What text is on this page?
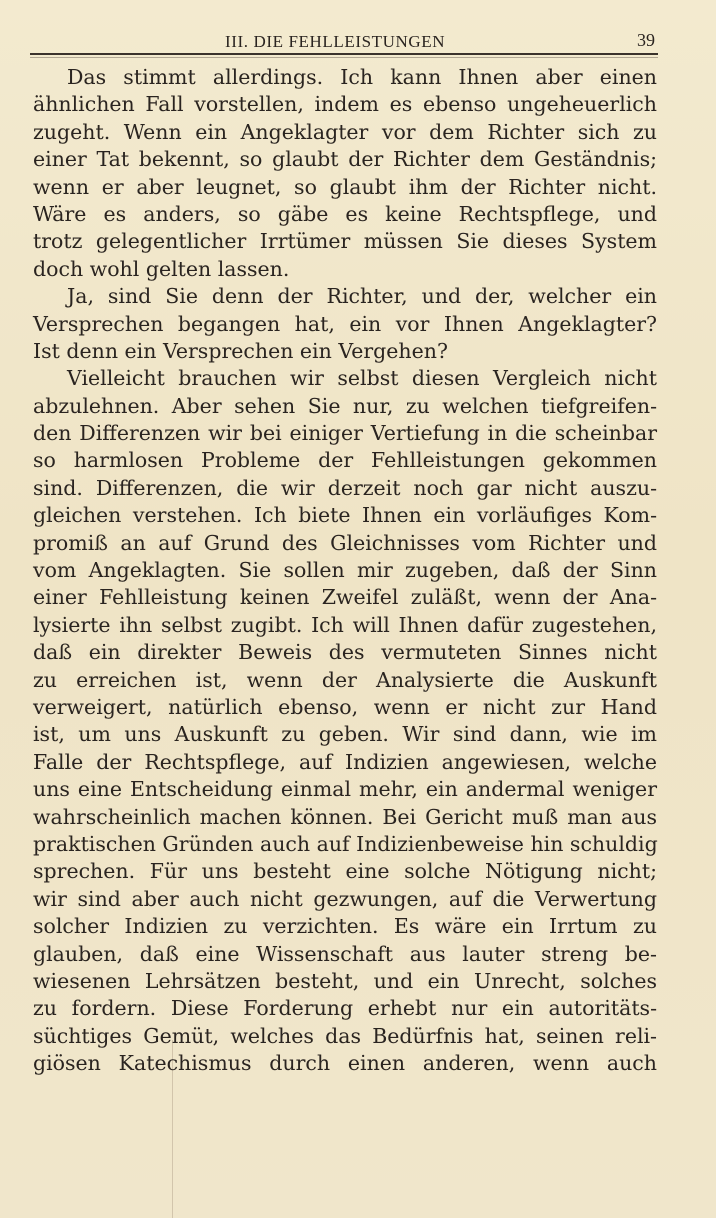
III. DIE FEHLLEISTUNGEN	39
Das stimmt allerdings. Ich kann Ihnen aber einen
ähnlichen Fall vorstellen, indem es ebenso ungeheuerlich
zugeht. Wenn ein Angeklagter vor dem Richter sich zu
einer Tat bekennt, so glaubt der Richter dem Geständnis;
wenn er aber leugnet, so glaubt ihm der Richter nicht.
Wäre es anders, so gäbe es keine Rechtspflege, und
trotz gelegentlicher Irrtümer müssen Sie dieses System
doch wohl gelten lassen.
Ja, sind Sie denn der Richter, und der, welcher ein
Versprechen begangen hat, ein vor Ihnen Angeklagter?
Ist denn ein Versprechen ein Vergehen?
Vielleicht brauchen wir selbst diesen Vergleich nicht
abzulehnen. Aber sehen Sie nur, zu welchen tiefgreifen-
den Differenzen wir bei einiger Vertiefung in die scheinbar
so harmlosen Probleme der Fehlleistungen gekommen
sind. Differenzen, die wir derzeit noch gar nicht auszu-
gleichen verstehen. Ich biete Ihnen ein vorläufiges Kom-
promiß an auf Grund des Gleichnisses vom Richter und
vom Angeklagten. Sie sollen mir zugeben, daß der Sinn
einer Fehlleistung keinen Zweifel zuläßt, wenn der Ana-
lysierte ihn selbst zugibt. Ich will Ihnen dafür zugestehen,
daß ein direkter Beweis des vermuteten Sinnes nicht
zu erreichen ist, wenn der Analysierte die Auskunft
verweigert, natürlich ebenso, wenn er nicht zur Hand
ist, um uns Auskunft zu geben. Wir sind dann, wie im
Falle der Rechtspflege, auf Indizien angewiesen, welche
uns eine Entscheidung einmal mehr, ein andermal weniger
wahrscheinlich machen können. Bei Gericht muß man aus
praktischen Gründen auch auf Indizienbeweise hin schuldig
sprechen. Für uns besteht eine solche Nötigung nicht;
wir sind aber auch nicht gezwungen, auf die Verwertung
solcher Indizien zu verzichten. Es wäre ein Irrtum zu
glauben, daß eine Wissenschaft aus lauter streng be-
wiesenen Lehrsätzen besteht, und ein Unrecht, solches
zu fordern. Diese Forderung erhebt nur ein autoritäts-
süchtiges Gemüt, welches das Bedürfnis hat, seinen reli-
giösen Katechismus durch einen anderen, wenn auch
